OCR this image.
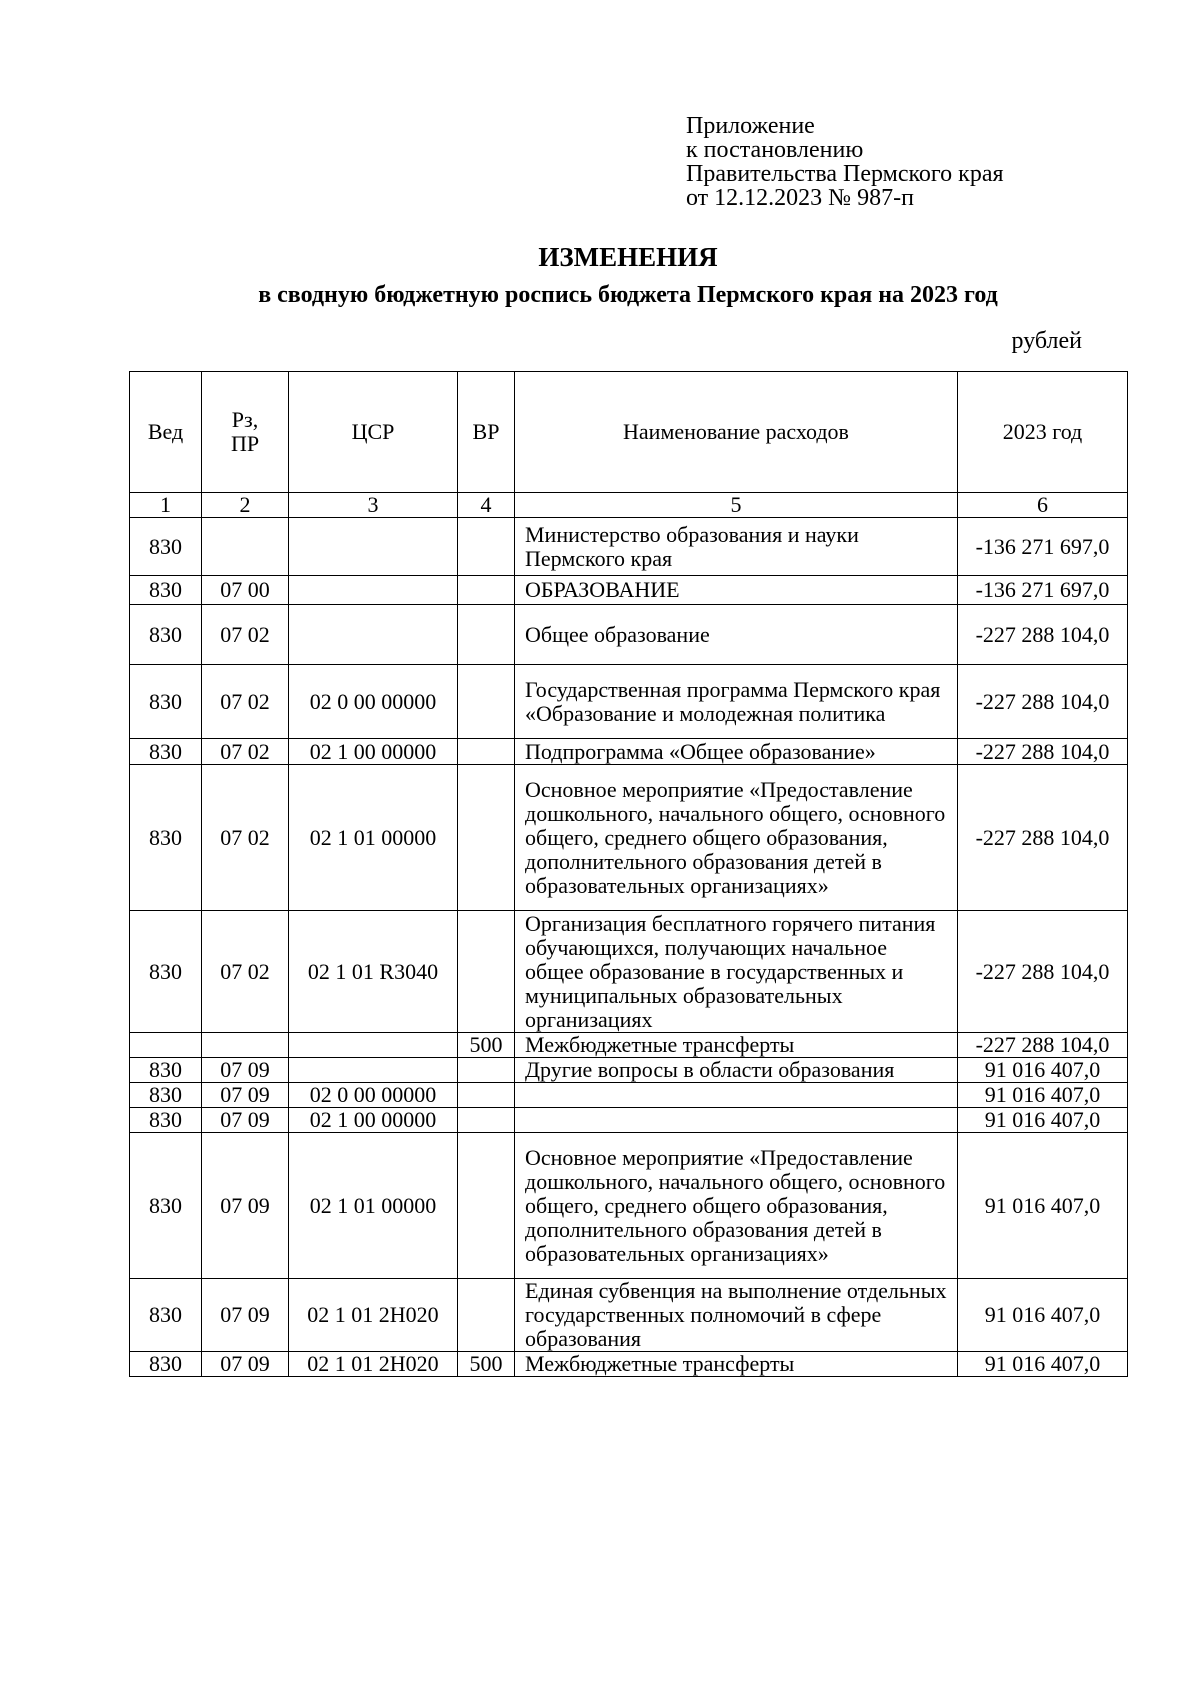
Приложение
к постановлению
Правительства Пермского края
от 12.12.2023 № 987-п
ИЗМЕНЕНИЯ
в сводную бюджетную роспись бюджета Пермского края на 2023 год
рублей
Вед	Рз, ПР	ЦСР	ВР	Наименование расходов	2023 год
1	2	3	4	5	6
830				Министерство образования и науки Пермского края	-136 271 697,0
830	07 00			ОБРАЗОВАНИЕ	-136 271 697,0
830	07 02			Общее образование	-227 288 104,0
830	07 02	02 0 00 00000		Государственная программа Пермского края «Образование и молодежная политика	-227 288 104,0
830	07 02	02 1 00 00000		Подпрограмма «Общее образование»	-227 288 104,0
830	07 02	02 1 01 00000		Основное мероприятие «Предоставление дошкольного, начального общего, основного общего, среднего общего образования, дополнительного образования детей в образовательных организациях»	-227 288 104,0
830	07 02	02 1 01 R3040		Организация бесплатного горячего питания обучающихся, получающих начальное общее образование в государственных и муниципальных образовательных организациях	-227 288 104,0
			500	Межбюджетные трансферты	-227 288 104,0
830	07 09			Другие вопросы в области образования	91 016 407,0
830	07 09	02 0 00 00000			91 016 407,0
830	07 09	02 1 00 00000			91 016 407,0
830	07 09	02 1 01 00000		Основное мероприятие «Предоставление дошкольного, начального общего, основного общего, среднего общего образования, дополнительного образования детей в образовательных организациях»	91 016 407,0
830	07 09	02 1 01 2Н020		Единая субвенция на выполнение отдельных государственных полномочий в сфере образования	91 016 407,0
830	07 09	02 1 01 2Н020	500	Межбюджетные трансферты	91 016 407,0
